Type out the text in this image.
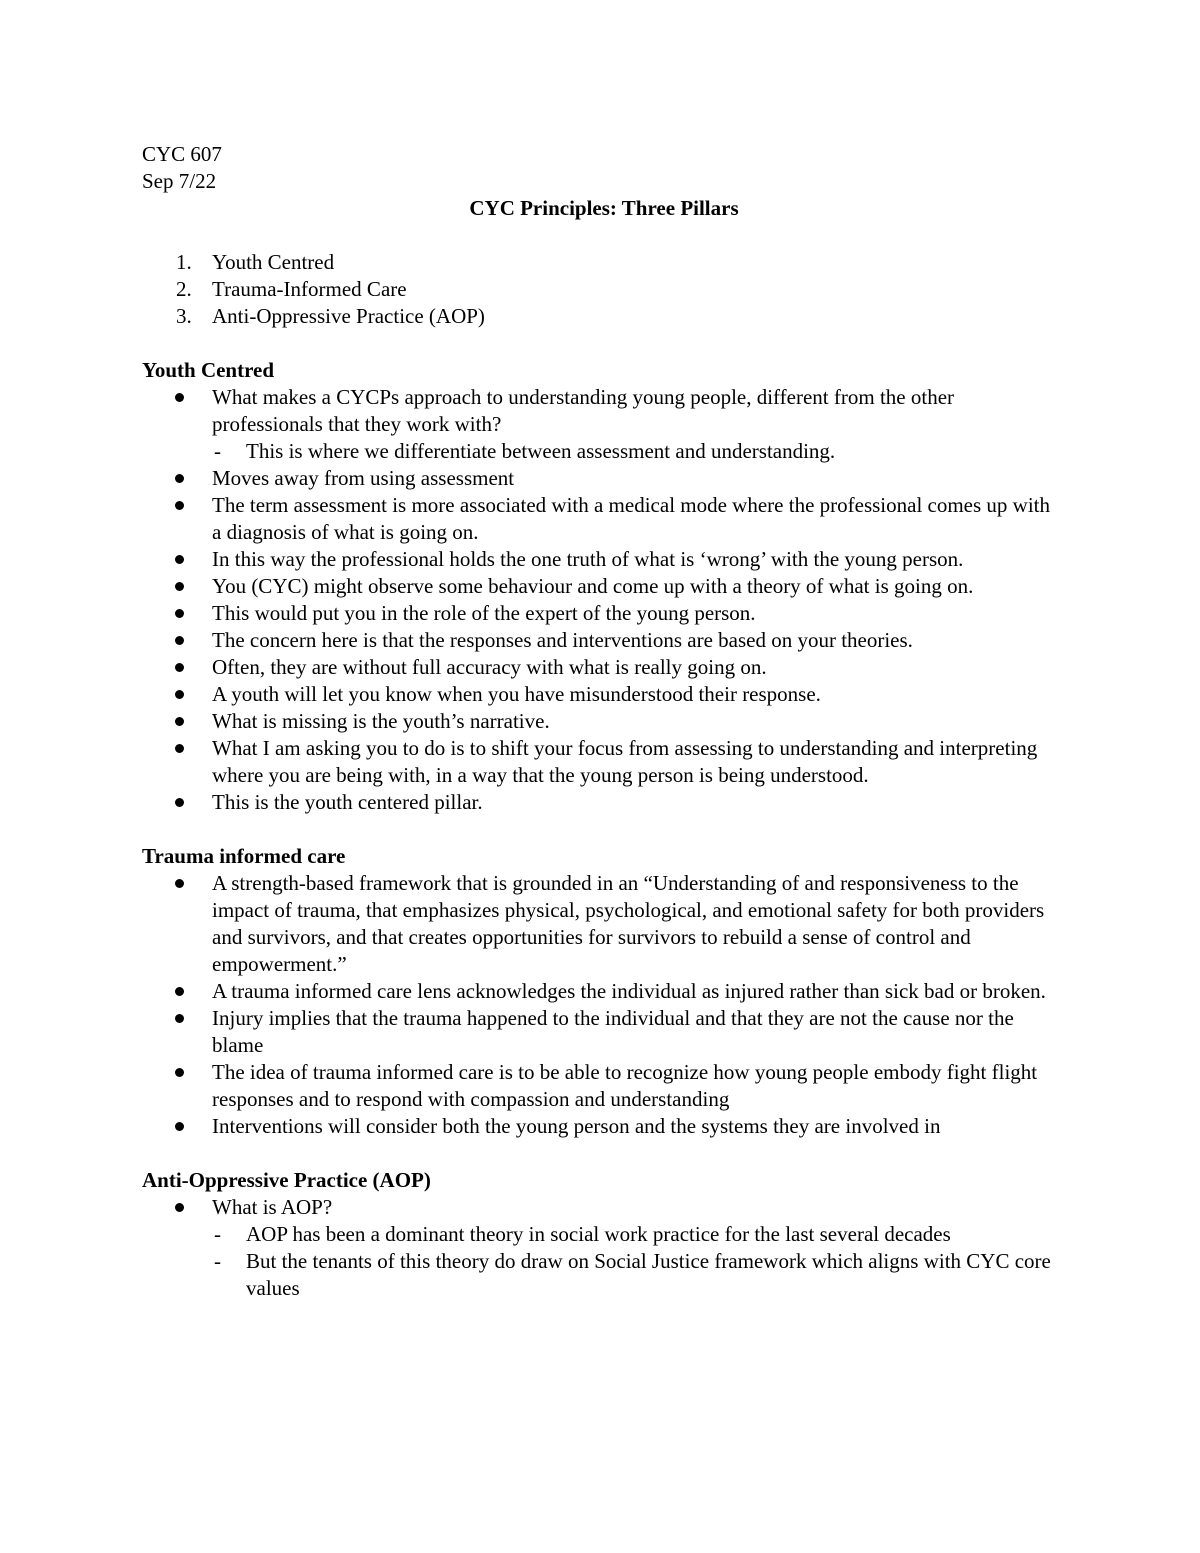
CYC 607
Sep 7/22
CYC Principles: Three Pillars
1. Youth Centred
2. Trauma-Informed Care
3. Anti-Oppressive Practice (AOP)
Youth Centred
What makes a CYCPs approach to understanding young people, different from the other professionals that they work with?
- This is where we differentiate between assessment and understanding.
Moves away from using assessment
The term assessment is more associated with a medical mode where the professional comes up with a diagnosis of what is going on.
In this way the professional holds the one truth of what is ‘wrong’ with the young person.
You (CYC) might observe some behaviour and come up with a theory of what is going on.
This would put you in the role of the expert of the young person.
The concern here is that the responses and interventions are based on your theories.
Often, they are without full accuracy with what is really going on.
A youth will let you know when you have misunderstood their response.
What is missing is the youth’s narrative.
What I am asking you to do is to shift your focus from assessing to understanding and interpreting where you are being with, in a way that the young person is being understood.
This is the youth centered pillar.
Trauma informed care
A strength-based framework that is grounded in an “Understanding of and responsiveness to the impact of trauma, that emphasizes physical, psychological, and emotional safety for both providers and survivors, and that creates opportunities for survivors to rebuild a sense of control and empowerment.”
A trauma informed care lens acknowledges the individual as injured rather than sick bad or broken.
Injury implies that the trauma happened to the individual and that they are not the cause nor the blame
The idea of trauma informed care is to be able to recognize how young people embody fight flight responses and to respond with compassion and understanding
Interventions will consider both the young person and the systems they are involved in
Anti-Oppressive Practice (AOP)
What is AOP?
- AOP has been a dominant theory in social work practice for the last several decades
- But the tenants of this theory do draw on Social Justice framework which aligns with CYC core values
